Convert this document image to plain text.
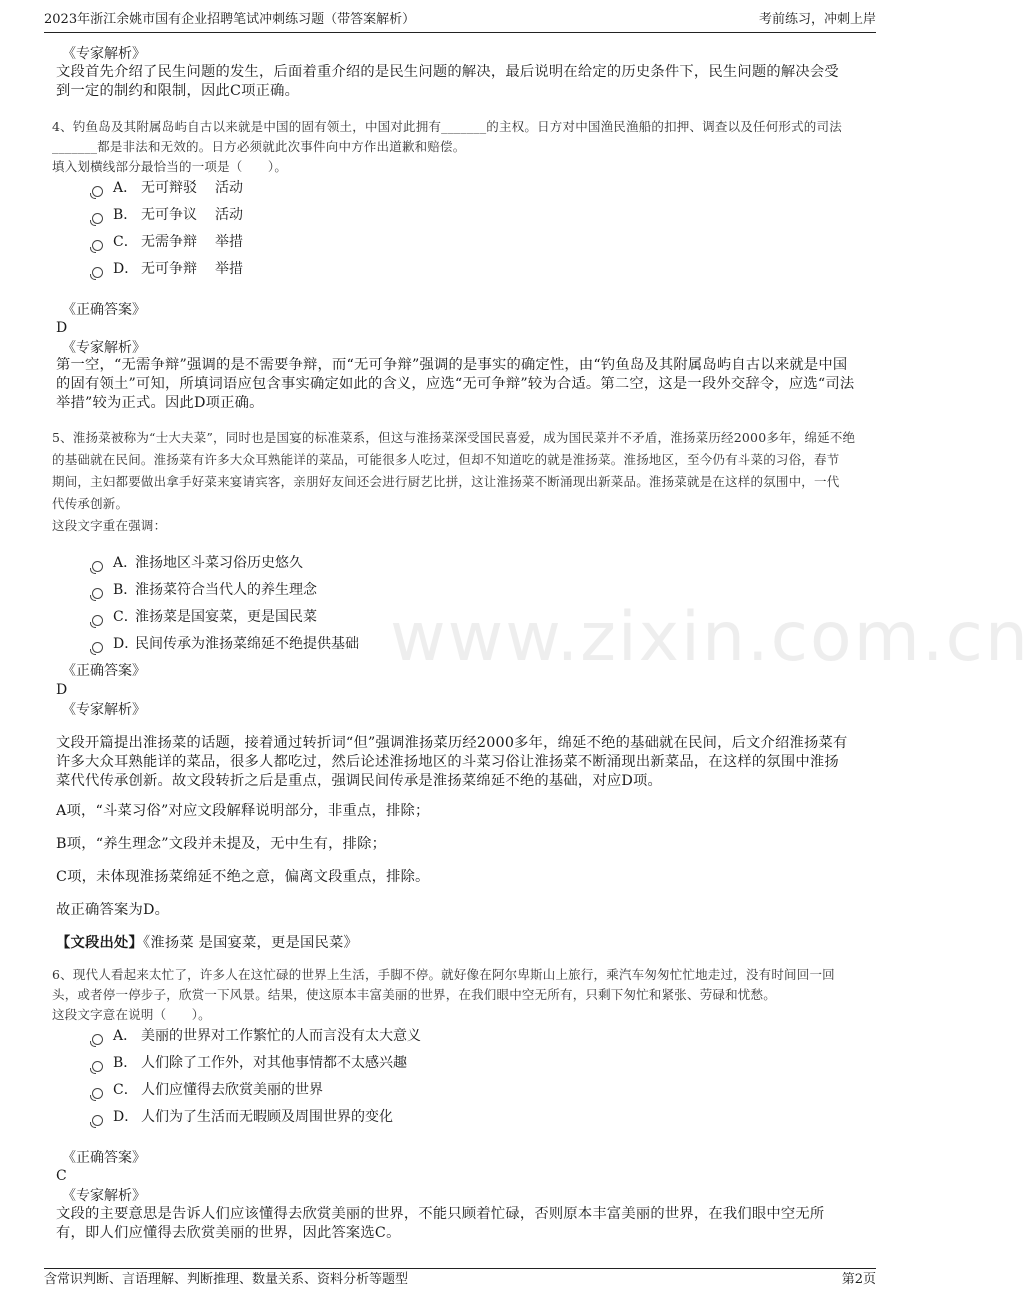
2023年浙江余姚市国有企业招聘笔试冲刺练习题（带答案解析）	考前练习，冲刺上岸
www.zixin.com.cn
《专家解析》
文段首先介绍了民生问题的发生，后面着重介绍的是民生问题的解决，最后说明在给定的历史条件下，民生问题的解决会受
到一定的制约和限制，因此C项正确。
4、钓鱼岛及其附属岛屿自古以来就是中国的固有领土，中国对此拥有_______的主权。日方对中国渔民渔船的扣押、调查以及任何形式的司法
_______都是非法和无效的。日方必须就此次事件向中方作出道歉和赔偿。
填入划横线部分最恰当的一项是（　　）。
A． 无可辩驳 活动
B． 无可争议 活动
C． 无需争辩 举措
D． 无可争辩 举措
《正确答案》
D
《专家解析》
第一空，“无需争辩”强调的是不需要争辩，而“无可争辩”强调的是事实的确定性，由“钓鱼岛及其附属岛屿自古以来就是中国
的固有领土”可知，所填词语应包含事实确定如此的含义，应选“无可争辩”较为合适。第二空，这是一段外交辞令，应选“司法
举措”较为正式。因此D项正确。
5、淮扬菜被称为“士大夫菜”，同时也是国宴的标准菜系，但这与淮扬菜深受国民喜爱，成为国民菜并不矛盾，淮扬菜历经2000多年，绵延不绝
的基础就在民间。淮扬菜有许多大众耳熟能详的菜品，可能很多人吃过，但却不知道吃的就是淮扬菜。淮扬地区，至今仍有斗菜的习俗，春节
期间，主妇都要做出拿手好菜来宴请宾客，亲朋好友间还会进行厨艺比拼，这让淮扬菜不断涌现出新菜品。淮扬菜就是在这样的氛围中，一代
代传承创新。
这段文字重在强调：
A．
淮扬地区斗菜习俗历史悠久
B．
淮扬菜符合当代人的养生理念
C．
淮扬菜是国宴菜，更是国民菜
D．
民间传承为淮扬菜绵延不绝提供基础
《正确答案》
D
《专家解析》
文段开篇提出淮扬菜的话题，接着通过转折词“但”强调淮扬菜历经2000多年，绵延不绝的基础就在民间，后文介绍淮扬菜有
许多大众耳熟能详的菜品，很多人都吃过，然后论述淮扬地区的斗菜习俗让淮扬菜不断涌现出新菜品，在这样的氛围中淮扬
菜代代传承创新。故文段转折之后是重点，强调民间传承是淮扬菜绵延不绝的基础，对应D项。
A项，“斗菜习俗”对应文段解释说明部分，非重点，排除；
B项，“养生理念”文段并未提及，无中生有，排除；
C项，未体现淮扬菜绵延不绝之意，偏离文段重点，排除。
故正确答案为D。
【文段出处】《淮扬菜 是国宴菜，更是国民菜》
6、现代人看起来太忙了，许多人在这忙碌的世界上生活，手脚不停。就好像在阿尔卑斯山上旅行，乘汽车匆匆忙忙地走过，没有时间回一回
头，或者停一停步子，欣赏一下风景。结果，使这原本丰富美丽的世界，在我们眼中空无所有，只剩下匆忙和紧张、劳碌和忧愁。
这段文字意在说明（　　）。
A． 美丽的世界对工作繁忙的人而言没有太大意义
B． 人们除了工作外，对其他事情都不太感兴趣
C． 人们应懂得去欣赏美丽的世界
D． 人们为了生活而无暇顾及周围世界的变化
《正确答案》
C
《专家解析》
文段的主要意思是告诉人们应该懂得去欣赏美丽的世界，不能只顾着忙碌，否则原本丰富美丽的世界，在我们眼中空无所
有，即人们应懂得去欣赏美丽的世界，因此答案选C。
含常识判断、言语理解、判断推理、数量关系、资料分析等题型	第2页
